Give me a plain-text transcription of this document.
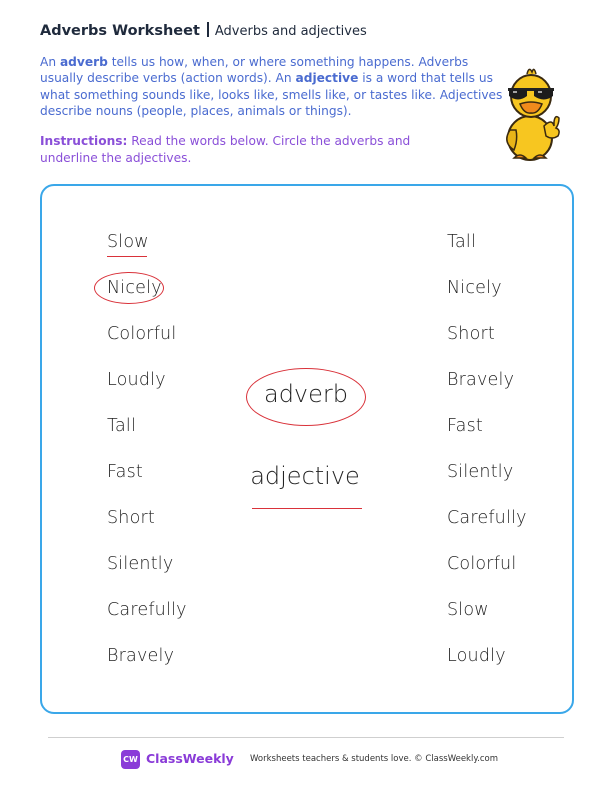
Adverbs Worksheet Adverbs and adjectives
An adverb tells us how, when, or where something happens. Adverbs usually describe verbs (action words). An adjective is a word that tells us what something sounds like, looks like, smells like, or tastes like. Adjectives describe nouns (people, places, animals or things).
Instructions: Read the words below. Circle the adverbs and underline the adjectives.
Slow
Nicely
Colorful
Loudly
Tall
Fast
Short
Silently
Carefully
Bravely
Tall
Nicely
Short
Bravely
Fast
Silently
Carefully
Colorful
Slow
Loudly
adverb
adjective
CW ClassWeekly Worksheets teachers & students love. © ClassWeekly.com
